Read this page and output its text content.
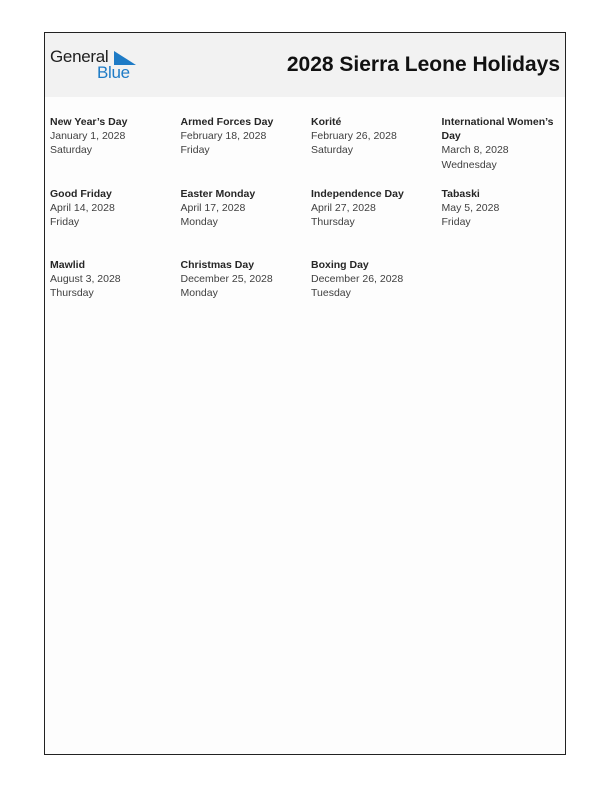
General
Blue	2028 Sierra Leone Holidays
New Year’s Day
January 1, 2028
Saturday
Armed Forces Day
February 18, 2028
Friday
Korité
February 26, 2028
Saturday
International Women’s Day
March 8, 2028
Wednesday
Good Friday
April 14, 2028
Friday
Easter Monday
April 17, 2028
Monday
Independence Day
April 27, 2028
Thursday
Tabaski
May 5, 2028
Friday
Mawlid
August 3, 2028
Thursday
Christmas Day
December 25, 2028
Monday
Boxing Day
December 26, 2028
Tuesday
